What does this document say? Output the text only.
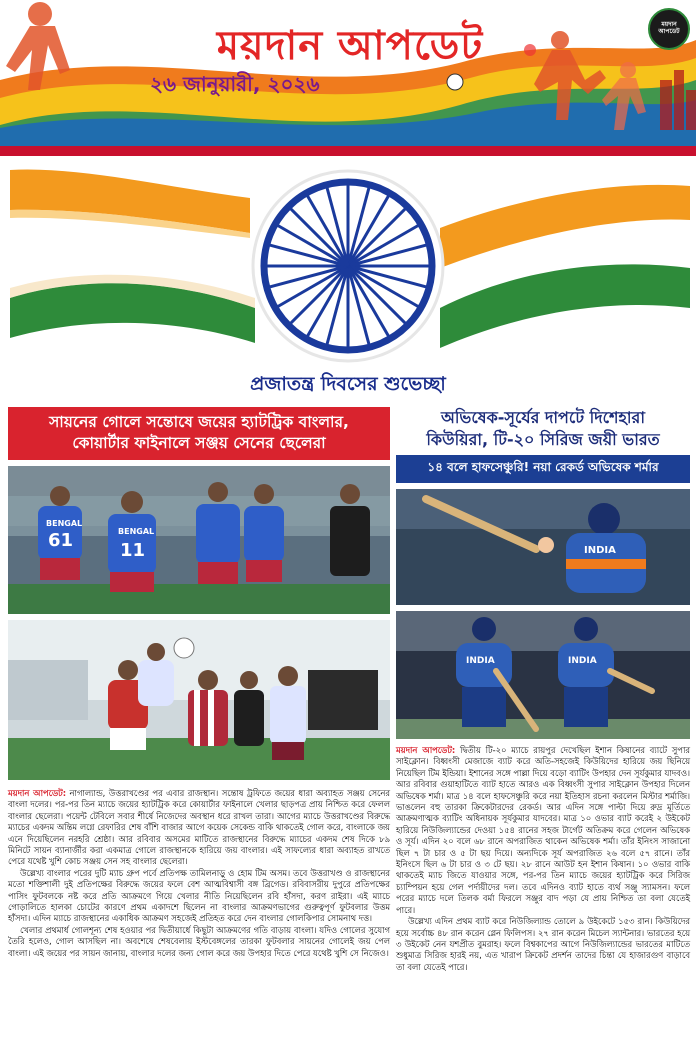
ময়দান আপডেট
২৬ জানুয়ারী, ২০২৬
ময়দান আপডেট
প্রজাতন্ত্র দিবসের শুভেচ্ছা
সায়নের গোলে সন্তোষে জয়ের হ্যাটট্রিক বাংলার,
কোয়ার্টার ফাইনালে সঞ্জয় সেনের ছেলেরা
BENGAL
61	BENGAL
11

ময়দান আপডেট: নাগাল্যান্ড, উত্তরাখণ্ডের পর এবার রাজস্থান। সন্তোষ ট্রফিতে জয়ের ধারা অব্যাহত সঞ্জয় সেনের বাংলা দলের। পর-পর তিন ম্যাচে জয়ের হ্যাটট্রিক করে কোয়ার্টার ফাইনালে খেলার ছাড়পত্র প্রায় নিশ্চিত করে ফেলল বাংলার ছেলেরা। পয়েন্ট টেবিলে সবার শীর্ষে নিজেদের অবস্থান ধরে রাখল তারা। আগের ম্যাচে উত্তরাখণ্ডের বিরুদ্ধে ম্যাচের একদম অন্তিম লগ্নে রেফারির শেষ বাঁশি বাজার আগে কয়েক সেকেন্ড বাকি থাকতেই গোল করে, বাংলাকে জয় এনে দিয়েছিলেন নরহরি শ্রেষ্ঠা। আর রবিবার অসমের মাটিতে রাজস্থানের বিরুদ্ধে ম্যাচের একদম শেষ দিকে ৮৯ মিনিটে সায়ন ব্যানার্জীর করা একমাত্র গোলে রাজস্থানকে হারিয়ে জয় বাংলার। এই সাফল্যের ধারা অব্যাহত রাখতে পেরে যথেষ্ট খুশি কোচ সঞ্জয় সেন সহ বাংলার ছেলেরা।

উল্লেখ্য বাংলার পরের দুটি ম্যাচ গ্রুপ পর্বে প্রতিপক্ষ তামিলনাড়ু ও হোম টিম অসম। তবে উত্তরাখণ্ড ও রাজস্থানের মতো শক্তিশালী দুই প্রতিপক্ষের বিরুদ্ধে জয়ের ফলে বেশ আত্মবিশ্বাসী বঙ্গ ব্রিগেড। রবিবাসরীয় দুপুরে প্রতিপক্ষের পাসিং ফুটবলকে নষ্ট করে প্রতি আক্রমণে গিয়ে খেলার নীতি নিয়েছিলেন রবি হাঁসদা, করণ রাইরা। এই ম্যাচে গোড়ালিতে হালকা চোটের কারণে প্রথম একাদশে ছিলেন না বাংলার আক্রমণভাগের গুরুত্বপূর্ণ ফুটবলার উত্তম হাঁসদা। এদিন ম্যাচে রাজস্থানের একাধিক আক্রমণ সহজেই প্রতিহত করে দেন বাংলার গোলকিপার সোমনাথ দত্ত।

খেলার প্রথমার্ধ গোলশূন্য শেষ হওয়ার পর দ্বিতীয়ার্ধে কিছুটা আক্রমণের গতি বাড়ায় বাংলা। যদিও গোলের সুযোগ তৈরি হলেও, গোল আসছিল না। অবশেষে শেষবেলায় ইস্টবেঙ্গলের তারকা ফুটবলার সায়নের গোলেই জয় পেল বাংলা। এই জয়ের পর সায়ন জানায়, বাংলার দলের জন্য গোল করে জয় উপহার দিতে পেরে যথেষ্ট খুশি সে নিজেও।

অভিষেক-সূর্যের দাপটে দিশেহারা
কিউয়িরা, টি-২০ সিরিজ জয়ী ভারত
১৪ বলে হাফসেঞ্চুরি! নয়া রেকর্ড অভিষেক শর্মার
INDIA
INDIA	INDIA

ময়দান আপডেট: দ্বিতীয় টি-২০ ম্যাচে রায়পুর দেখেছিল ইশান কিষানের ব্যাটে সুপার সাইক্লোন। বিধ্বংসী মেজাজে ব্যাট করে অতি-সহজেই কিউয়িদের হারিয়ে জয় ছিনিয়ে নিয়েছিল টিম ইন্ডিয়া। ইশানের সঙ্গে পাল্লা দিয়ে বড়ো ব্যাটিং উপহার দেন সূর্যকুমার যাদবও। আর রবিবার গুয়াহাটিতে ব্যাট হাতে আরও এক বিধ্বংসী সুপার সাইক্লোন উপহার দিলেন অভিষেক শর্মা। মাত্র ১৪ বলে হাফসেঞ্চুরি করে নয়া ইতিহাস রচনা করলেন মিস্টার শর্মাজি। ভাঙলেন বহু তারকা ক্রিকেটারদের রেকর্ড। আর এদিন সঙ্গে পাল্টা দিয়ে রুদ্র মূর্তিতে আক্রমণাত্মক ব্যাটিং অধিনায়ক সূর্যকুমার যাদবের। মাত্র ১০ ওভার ব্যাট করেই ২ উইকেট হারিয়ে নিউজিল্যান্ডের দেওয়া ১৫৪ রানের সহজ টার্গেট অতিক্রম করে গেলেন অভিষেক ও সূর্য। এদিন ২০ বলে ৬৮ রানে অপরাজিত থাকেন অভিষেক শর্মা। তাঁর ইনিংস সাজানো ছিল ৭ টা চার ও ৫ টা ছয় দিয়ে। অন্যদিকে সূর্য অপরাজিত ২৬ বলে ৫৭ রানে। তাঁর ইনিংসে ছিল ৬ টা চার ও ৩ টে ছয়। ২৮ রানে আউট হন ইশান কিষান। ১০ ওভার বাকি থাকতেই ম্যাচ জিতে যাওয়ার সঙ্গে, পর-পর তিন ম্যাচে জয়ের হ্যাটট্রিক করে সিরিজ চ্যাম্পিয়ন হয়ে গেল পর্দায়ীদের দল। তবে এদিনও ব্যাট হাতে ব্যর্থ সঞ্জু স্যামসন। ফলে পরের ম্যাচে দলে তিলক বর্মা ফিরলে সঞ্জুর বাদ পড়া যে প্রায় নিশ্চিত তা বলা যেতেই পারে।

উল্লেখ্য এদিন প্রথম ব্যাট করে নিউজিল্যান্ড তোলে ৯ উইকেটে ১৫৩ রান। কিউয়িদের হয়ে সর্বোচ্চ ৪৮ রান করেন গ্লেন ফিলিপস। ২৭ রান করেন মিচেল স্যান্টনার। ভারতের হয়ে ৩ উইকেট নেন যশপ্রীত বুমরাহ। ফলে বিশ্বকাপের আগে নিউজিল্যান্ডের ভারতের মাটিতে শুধুমাত্র সিরিজ হারই নয়, এত খারাপ ক্রিকেট প্রদর্শন তাদের চিন্তা যে হাজারগুণ বাড়াবে তা বলা যেতেই পারে।
